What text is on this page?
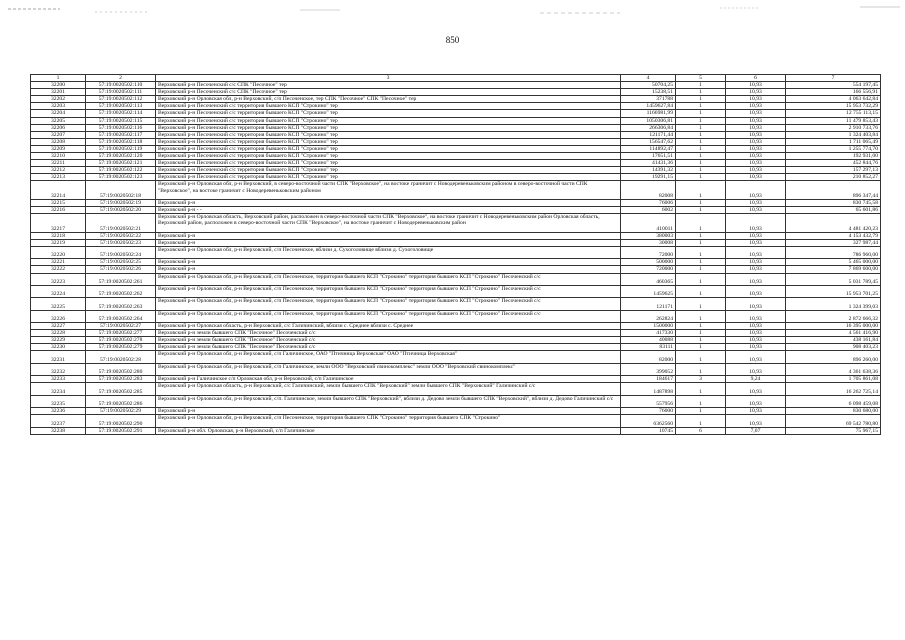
850
1	2	3	4	5	6	7
32200	57:19:0020502:110	Верховский р-н Песоченский с/с СПК "Песочное" тер	50704,25	1	10,93	554 197,45
32201	57:19:0020502:111	Верховский р-н Песоченский с/с СПК "Песочное" тер	15238,51	1	10,93	166 556,91
32202	57:19:0020502:112	Верховский р-н Орловская обл, р-н Верховский, с/п Песоченское, тер СПК "Песочное" СПК "Песочное" тер	371788	1	10,93	4 063 642,84
32203	57:19:0020502:113	Верховский р-н Песоченский с/с территория бывшего КСП "Строкино" тер	1459627,84	1	10,93	15 953 732,29
32204	57:19:0020502:114	Верховский р-н Песоченский с/с территория бывшего КСП "Строкино" тер	1166981,99	1	10,93	12 755 113,15
32205	57:19:0020502:115	Верховский р-н Песоченский с/с территория бывшего КСП "Строкино" тер	1050306,81	1	10,93	11 479 853,43
32206	57:19:0020502:116	Верховский р-н Песоченский с/с территория бывшего КСП "Строкино" тер	266306,84	1	10,93	2 910 733,76
32207	57:19:0020502:117	Верховский р-н Песоченский с/с территория бывшего КСП "Строкино" тер	121171,44	1	10,93	1 324 403,84
32208	57:19:0020502:118	Верховский р-н Песоченский с/с территория бывшего КСП "Строкино" тер	156547,62	1	10,93	1 711 065,49
32209	57:19:0020502:119	Верховский р-н Песоченский с/с территория бывшего КСП "Строкино" тер	114892,47	1	10,93	1 255 774,70
32210	57:19:0020502:120	Верховский р-н Песоченский с/с территория бывшего КСП "Строкино" тер	17651,51	1	10,93	192 931,00
32211	57:19:0020502:121	Верховский р-н Песоченский с/с территория бывшего КСП "Строкино" тер	41431,36	1	10,93	452 844,76
32212	57:19:0020502:122	Верховский р-н Песоченский с/с территория бывшего КСП "Строкино" тер	14391,32	1	10,93	157 297,13
32213	57:19:0020502:123	Верховский р-н Песоченский с/с территория бывшего КСП "Строкино" тер	19291,15	1	10,93	210 852,27
32214	57:19:0020502:18	Верховский р-н Орловская обл, р-н Верховский, в северо-восточной части СПК "Верховское", на востоке граничит с Новодеревеньковским районом в северо-восточной части СПК "Верховское", на востоке граничит с Новодеревеньковским районом	82008	1	10,93	896 347,44
32215	57:19:0020502:19	Верховский р-н	76006	1	10,93	830 745,58
32216	57:19:0020502:20	Верховский р-н - -	6002	1	10,93	65 601,86
32217	57:19:0020502:21	Верховский р-н Орловская область, Верховский район, расположен в северо-восточной части СПК "Верховское", на востоке граничит с Новодеревеньковским район Орловская область, Верховский район, расположен в северо-восточной части СПК "Верховское", на востоке граничит с Новодеревеньковским район	410011	1	10,93	4 481 420,23
32218	57:19:0020502:22	Верховский р-н	380003	1	10,93	4 153 432,79
32219	57:19:0020502:23	Верховский р-н	30008	1	10,93	327 987,44
32220	57:19:0020502:24	Верховский р-н Орловская обл, р-н Верховский, с/п Песоченское, вблизи д. Сухоголовище вблизи д. Сухоголовище	72000	1	10,93	786 960,00
32221	57:19:0020502:25	Верховский р-н	500000	1	10,93	5 465 000,00
32222	57:19:0020502:26	Верховский р-н	720000	1	10,93	7 869 600,00
32223	57:19:0020502:261	Верховский р-н Орловская обл, р-н Верховский, с/п Песоченское, территория бывшего КСП "Строкино" территория бывшего КСП "Строкино" Песоченский с/с	460365	1	10,93	5 031 789,45
32224	57:19:0020502:262	Верховский р-н Орловская обл, р-н Верховский, с/п Песоченское, территория бывшего КСП "Строкино" территория бывшего КСП "Строкино" Песоченский с/с	1459625	1	10,93	15 953 701,25
32225	57:19:0020502:263	Верховский р-н Орловская обл, р-н Верховский, с/п Песоченское, территория бывшего КСП "Строкино" территория бывшего КСП "Строкино" Песоченский с/с	121171	1	10,93	1 324 399,03
32226	57:19:0020502:264	Верховский р-н Орловская обл, р-н Верховский, с/п Песоченское, территория бывшего КСП "Строкино" территория бывшего КСП "Строкино" Песоченский с/с	262824	1	10,93	2 872 666,32
32227	57:19:0020502:27	Верховский р-н Орловская область, р-н Верховский, с/с Галичинский, вблизи с. Среднее вблизи с. Среднее	1500000	1	10,93	16 395 000,00
32228	57:19:0020502:277	Верховский р-н земли бывшего СПК "Песочное" Песоченский с/с	417330	1	10,93	4 561 416,90
32229	57:19:0020502:278	Верховский р-н земли бывшего СПК "Песочное" Песоченский с/с	40088	1	10,93	438 161,84
32230	57:19:0020502:279	Верховский р-н земли бывшего СПК "Песочное" Песоченский с/с	83111	1	10,93	908 403,23
32231	57:19:0020502:28	Верховский р-н Орловская обл, р-н Верховский, с/п Галичинское, ОАО "Птичница Верховская" ОАО "Птичница Верховская"	82000	1	10,93	896 260,00
32232	57:19:0020502:280	Верховский р-н Орловская обл, р-н Верховский, с/п Галичинское, земли ООО "Верховский свинокомплекс" земли ООО "Верховский свинокомплекс"	399052	1	10,93	4 361 638,36
32233	57:19:0020502:283	Верховский р-н Галичинское с/п Орловская обл, р-н Верховский, с/п Галичинское	184617	3	9,24	1 705 861,08
32234	57:19:0020502:285	Верховский р-н Орловская область, р-н Верховский, с/с Галичинский, земли бывшего СПК "Верховский" земли бывшего СПК "Верховский" Галичинский с/с	1487898	1	10,93	16 262 725,14
32235	57:19:0020502:286	Верховский р-н Орловская обл, р-н Верховский, с/п. Галичинское, земли бывшего СПК "Верховский", вблизи д. Дедово земли бывшего СПК "Верховский", вблизи д. Дедово Галичинский с/с	557956	1	10,93	6 098 459,08
32236	57:19:0020502:29	Верховский р-н	76000	1	10,93	830 680,00
32237	57:19:0020502:290	Верховский р-н Орловская обл, р-н Верховский, с/п Песоченское, территория бывшего СПК "Строкино" территория бывшего СПК "Строкино"	6362560	1	10,93	69 542 780,80
32238	57:19:0020502:291	Верховский р-н обл. Орловская, р-н Верховский, с/п Галичинское	10745	6	7,07	75 967,15
